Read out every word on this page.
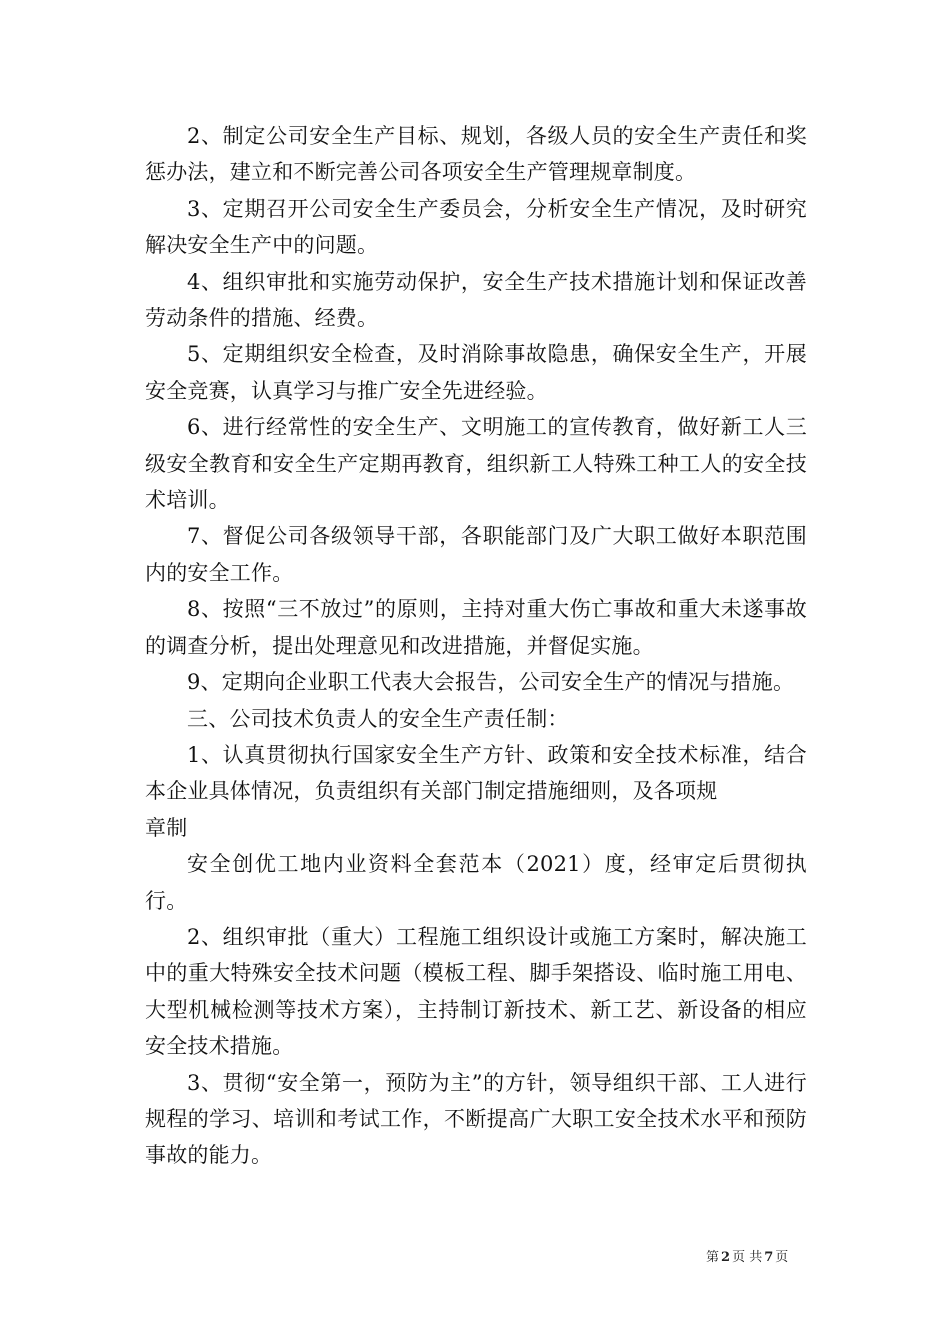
2、制定公司安全生产目标、规划，各级人员的安全生产责任和奖惩办法，建立和不断完善公司各项安全生产管理规章制度。

3、定期召开公司安全生产委员会，分析安全生产情况，及时研究解决安全生产中的问题。

4、组织审批和实施劳动保护，安全生产技术措施计划和保证改善劳动条件的措施、经费。

5、定期组织安全检查，及时消除事故隐患，确保安全生产，开展安全竞赛，认真学习与推广安全先进经验。

6、进行经常性的安全生产、文明施工的宣传教育，做好新工人三级安全教育和安全生产定期再教育，组织新工人特殊工种工人的安全技术培训。

7、督促公司各级领导干部，各职能部门及广大职工做好本职范围内的安全工作。

8、按照“三不放过”的原则，主持对重大伤亡事故和重大未遂事故的调查分析，提出处理意见和改进措施，并督促实施。

9、定期向企业职工代表大会报告，公司安全生产的情况与措施。

三、公司技术负责人的安全生产责任制：

1、认真贯彻执行国家安全生产方针、政策和安全技术标准，结合本企业具体情况，负责组织有关部门制定措施细则，及各项规

章制

安全创优工地内业资料全套范本（2021）度，经审定后贯彻执行。

2、组织审批（重大）工程施工组织设计或施工方案时，解决施工中的重大特殊安全技术问题（模板工程、脚手架搭设、临时施工用电、大型机械检测等技术方案），主持制订新技术、新工艺、新设备的相应安全技术措施。

3、贯彻“安全第一，预防为主”的方针，领导组织干部、工人进行规程的学习、培训和考试工作，不断提高广大职工安全技术水平和预防事故的能力。

第 2 页 共 7 页
